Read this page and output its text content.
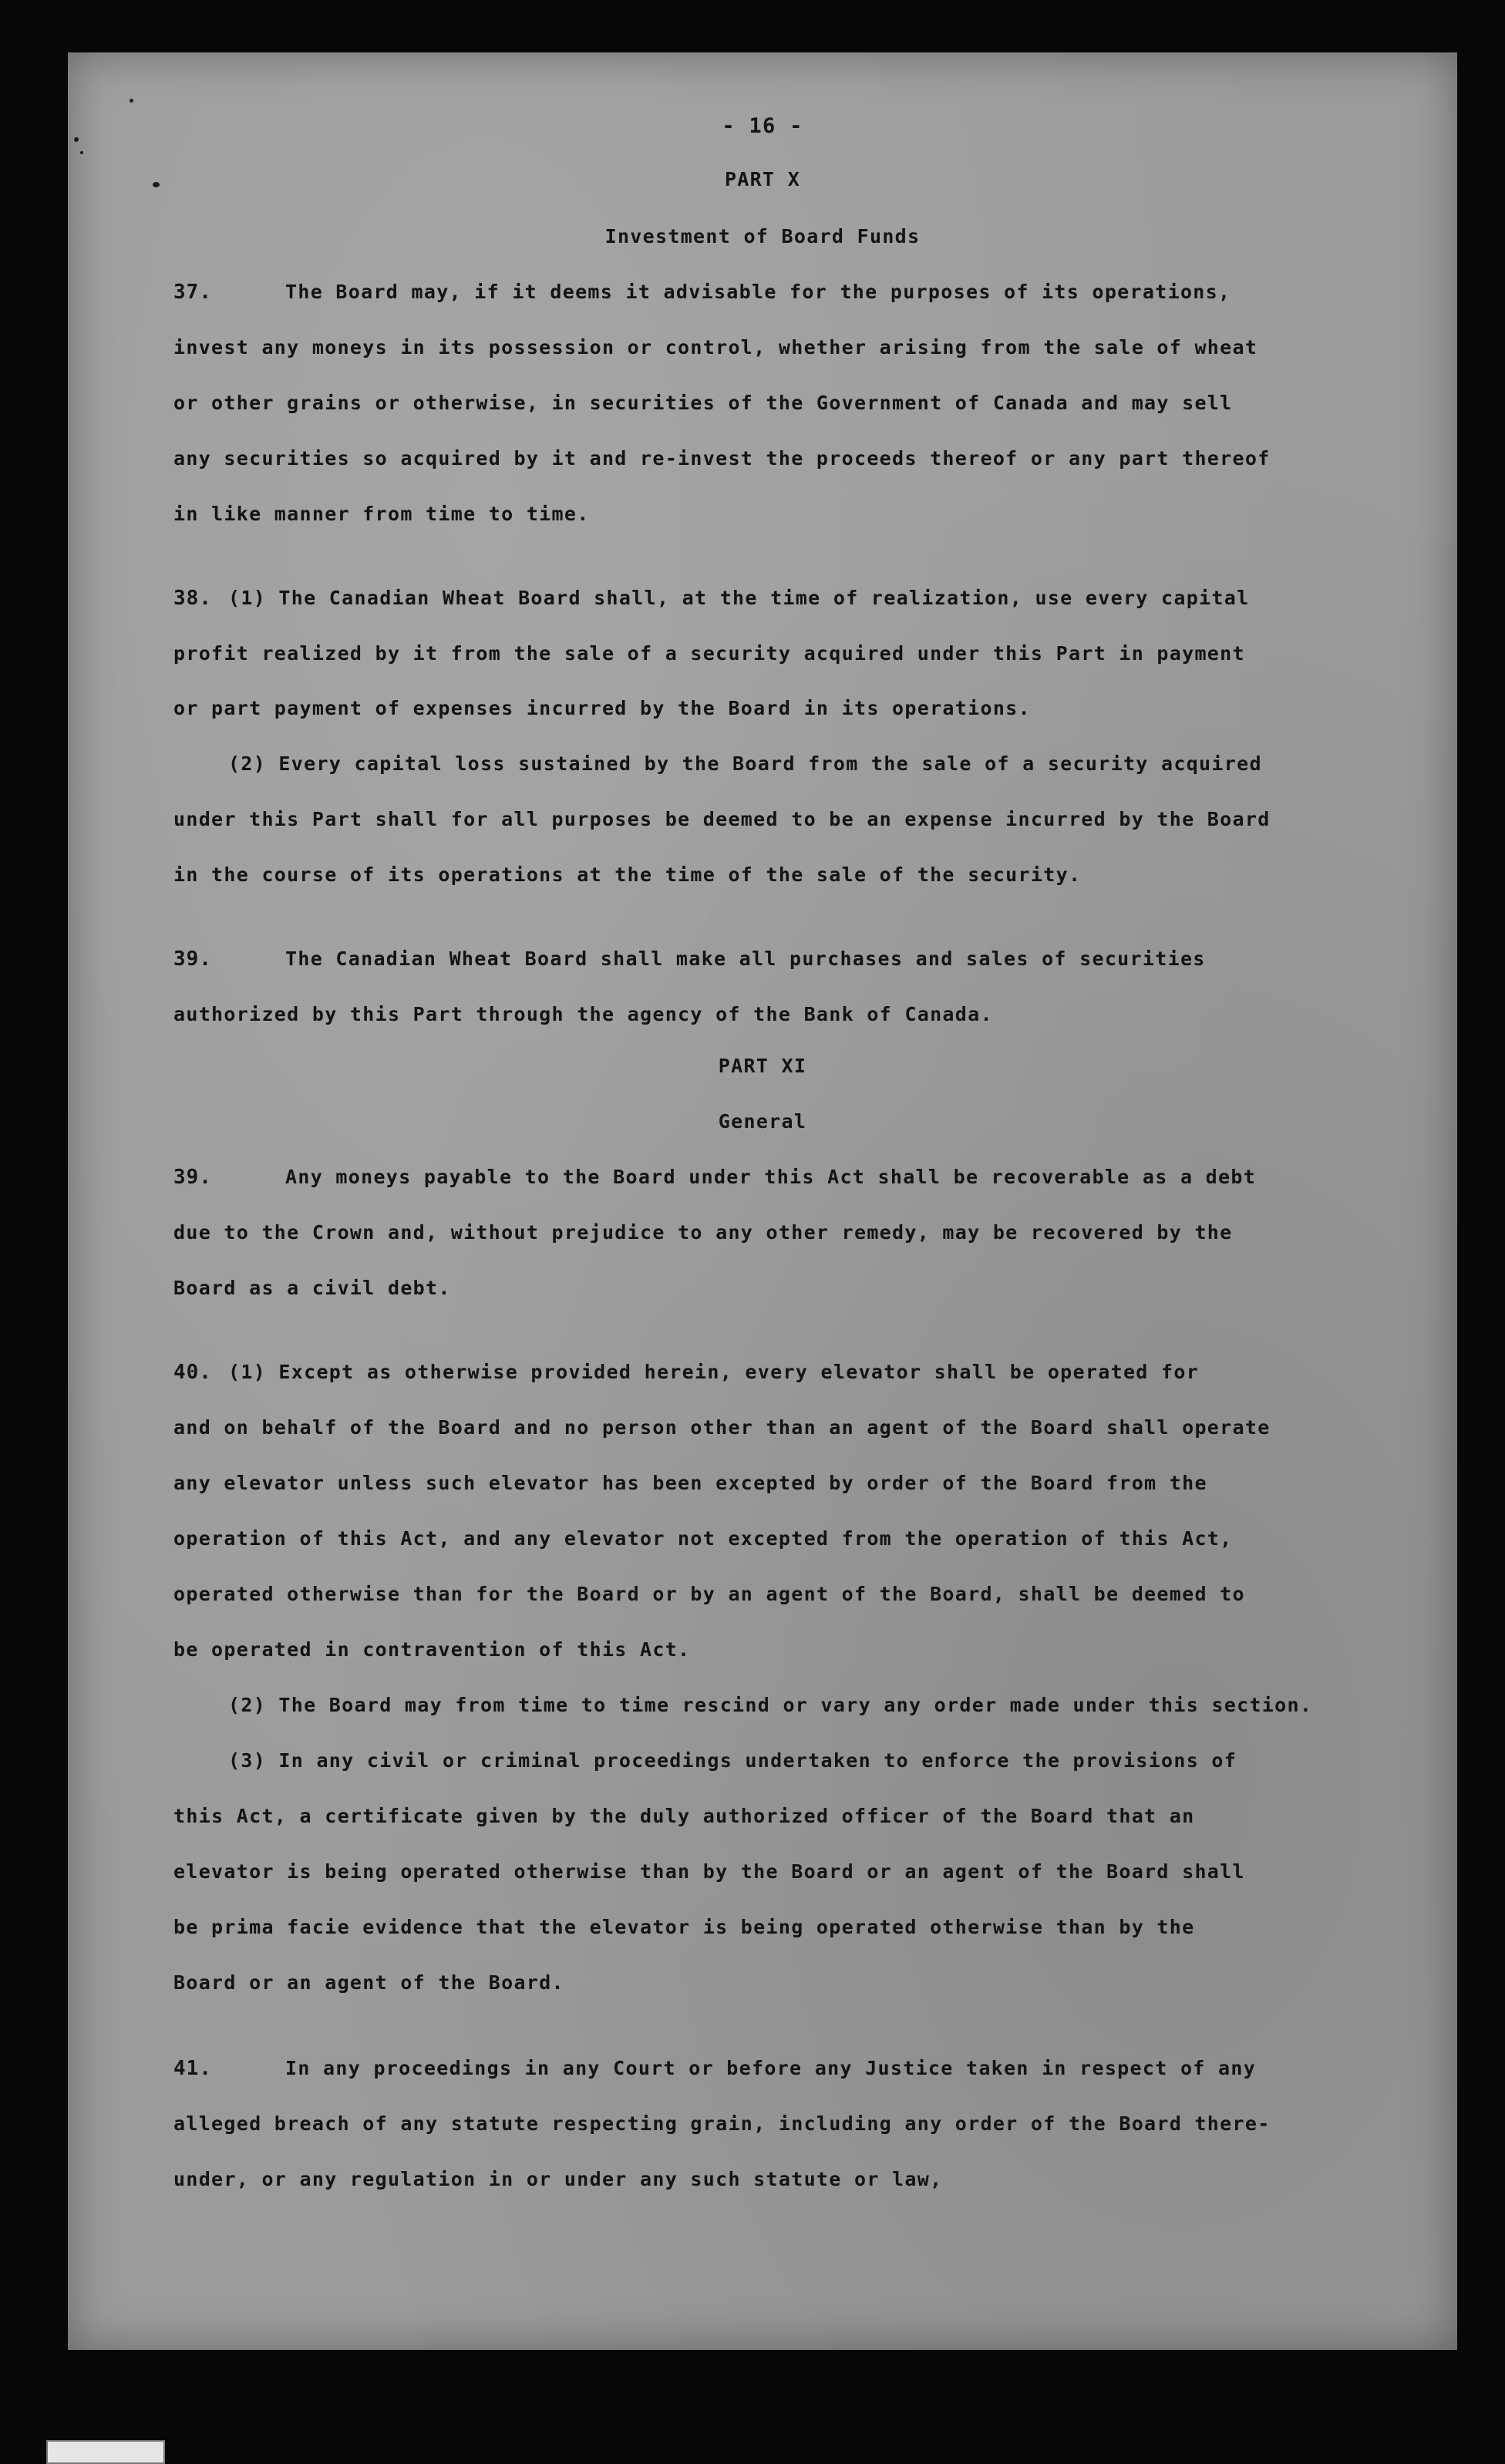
- 16 -
PART X
Investment of Board Funds
37.	The Board may, if it deems it advisable for the purposes of its operations,
invest any moneys in its possession or control, whether arising from the sale of wheat
or other grains or otherwise, in securities of the Government of Canada and may sell
any securities so acquired by it and re-invest the proceeds thereof or any part thereof
in like manner from time to time.
38. (1) The Canadian Wheat Board shall, at the time of realization, use every capital
profit realized by it from the sale of a security acquired under this Part in payment
or part payment of expenses incurred by the Board in its operations.
(2) Every capital loss sustained by the Board from the sale of a security acquired
under this Part shall for all purposes be deemed to be an expense incurred by the Board
in the course of its operations at the time of the sale of the security.
39.	The Canadian Wheat Board shall make all purchases and sales of securities
authorized by this Part through the agency of the Bank of Canada.
PART XI
General
39.	Any moneys payable to the Board under this Act shall be recoverable as a debt
due to the Crown and, without prejudice to any other remedy, may be recovered by the
Board as a civil debt.
40. (1) Except as otherwise provided herein, every elevator shall be operated for
and on behalf of the Board and no person other than an agent of the Board shall operate
any elevator unless such elevator has been excepted by order of the Board from the
operation of this Act, and any elevator not excepted from the operation of this Act,
operated otherwise than for the Board or by an agent of the Board, shall be deemed to
be operated in contravention of this Act.
(2) The Board may from time to time rescind or vary any order made under this section.
(3) In any civil or criminal proceedings undertaken to enforce the provisions of
this Act, a certificate given by the duly authorized officer of the Board that an
elevator is being operated otherwise than by the Board or an agent of the Board shall
be prima facie evidence that the elevator is being operated otherwise than by the
Board or an agent of the Board.
41.	In any proceedings in any Court or before any Justice taken in respect of any
alleged breach of any statute respecting grain, including any order of the Board there-
under, or any regulation in or under any such statute or law,
